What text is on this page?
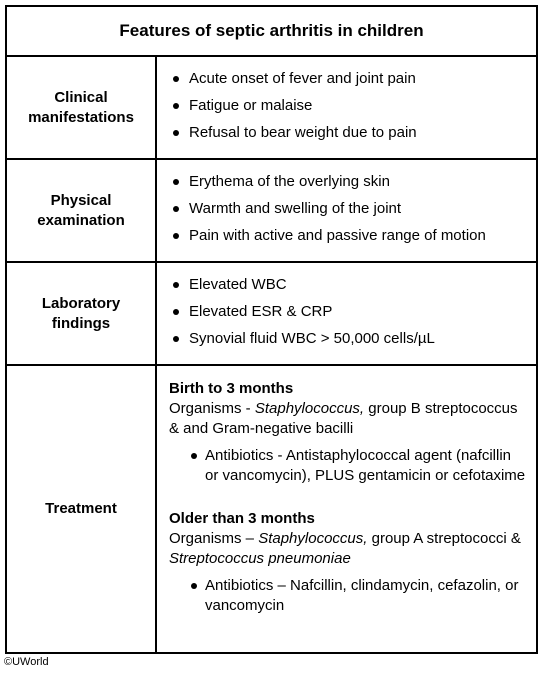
Features of septic arthritis in children
Clinical manifestations
Acute onset of fever and joint pain
Fatigue or malaise
Refusal to bear weight due to pain
Physical examination
Erythema of the overlying skin
Warmth and swelling of the joint
Pain with active and passive range of motion
Laboratory findings
Elevated WBC
Elevated ESR & CRP
Synovial fluid WBC > 50,000 cells/µL
Treatment
Birth to 3 months
Organisms - Staphylococcus, group B streptococcus & and Gram-negative bacilli
Antibiotics - Antistaphylococcal agent (nafcillin or vancomycin), PLUS gentamicin or cefotaxime
Older than 3 months
Organisms – Staphylococcus, group A streptococci & Streptococcus pneumoniae
Antibiotics – Nafcillin, clindamycin, cefazolin, or vancomycin
©UWorld
